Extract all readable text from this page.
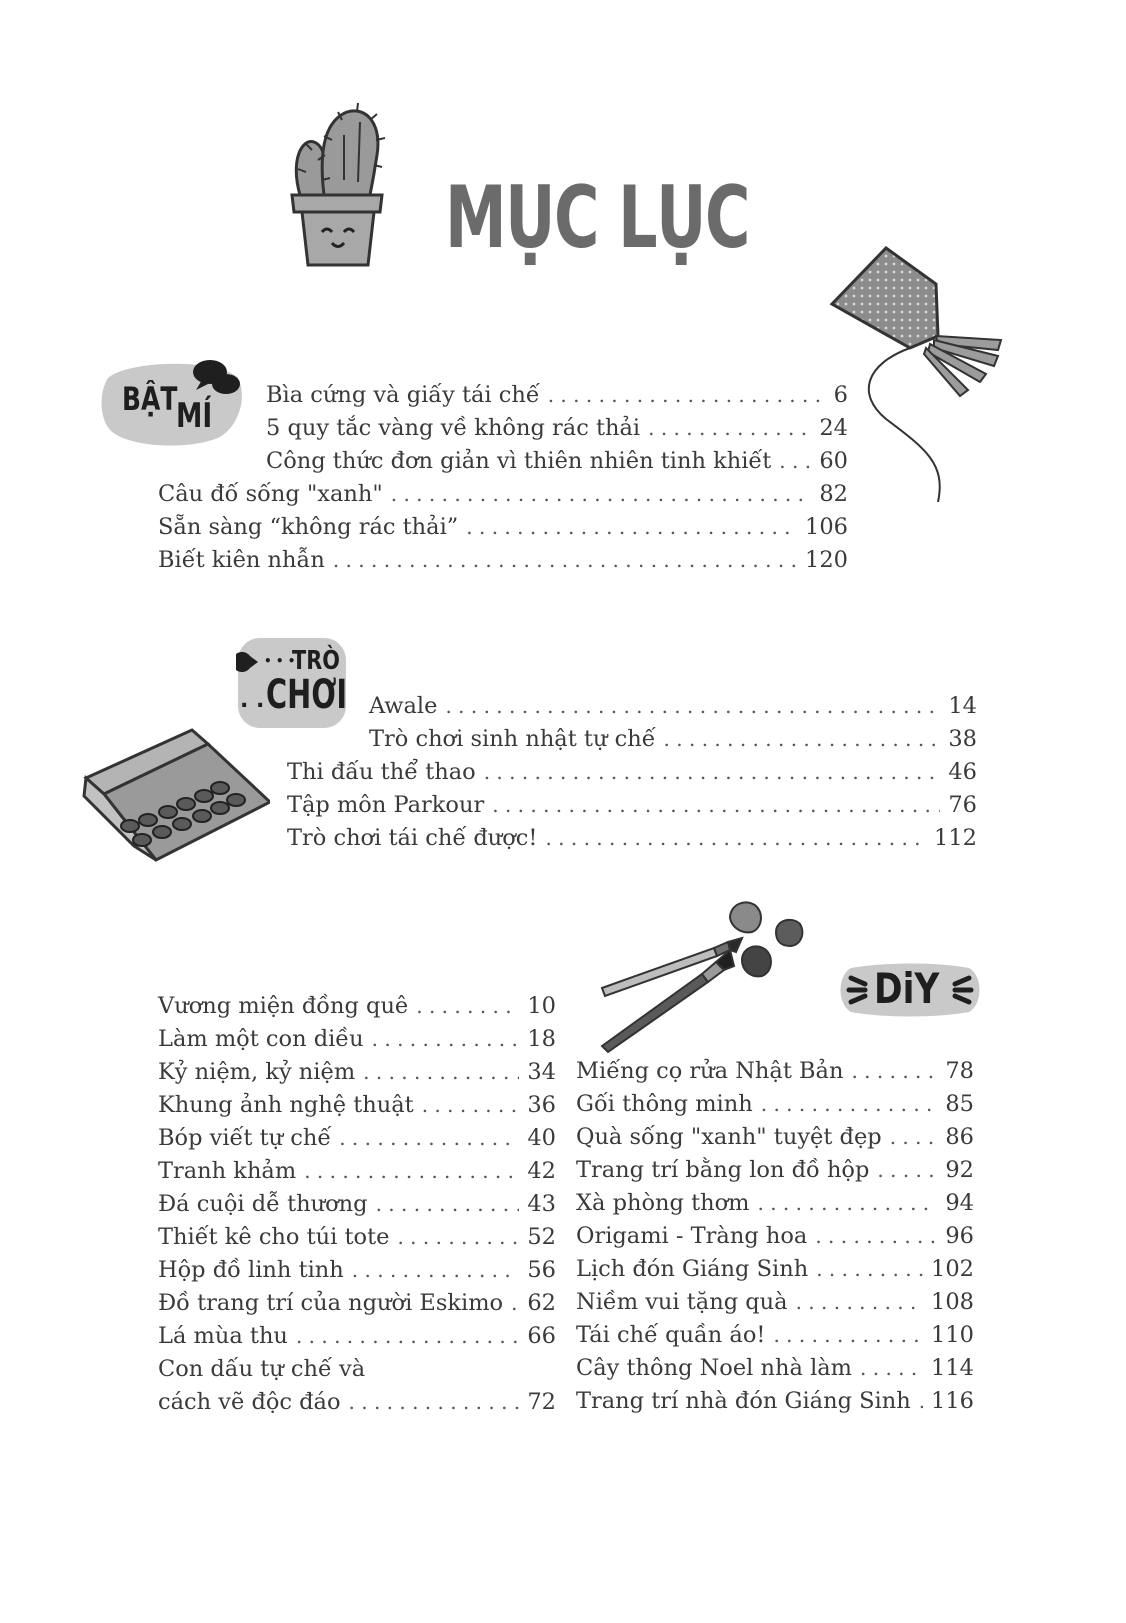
MỤC LỤC
BẬT
MÍ
Bìa cứng và giấy tái chế . . .	6
5 quy tắc vàng về không rác thải . . .	24
Công thức đơn giản vì thiên nhiên tinh khiết . . .	60
Câu đố sống "xanh" . . .	82
Sẵn sàng “không rác thải” . . .	106
Biết kiên nhẫn . . .	120
• • •
TRÒ
. . CHƠI Awale . . .	14
Trò chơi sinh nhật tự chế . . .	38
Thi đấu thể thao . . .	46
Tập môn Parkour . . .	76
Trò chơi tái chế được! . . .	112
DiY
Vương miện đồng quê . . .	10
Làm một con diều . . .	18
Kỷ niệm, kỷ niệm . . .	34
Khung ảnh nghệ thuật . . .	36
Bóp viết tự chế . . .	40
Tranh khảm . . .	42
Đá cuội dễ thương . . .	43
Thiết kê cho túi tote . . .	52
Hộp đồ linh tinh . . .	56
Đồ trang trí của người Eskimo . . .	62
Lá mùa thu . . .	66
Con dấu tự chế và
cách vẽ độc đáo . . .	72
Miếng cọ rửa Nhật Bản . . .	78
Gối thông minh . . .	85
Quà sống "xanh" tuyệt đẹp . . .	86
Trang trí bằng lon đồ hộp . . .	92
Xà phòng thơm . . .	94
Origami - Tràng hoa . . .	96
Lịch đón Giáng Sinh . . .	102
Niềm vui tặng quà . . .	108
Tái chế quần áo! . . .	110
Cây thông Noel nhà làm . . .	114
Trang trí nhà đón Giáng Sinh . . . 116
